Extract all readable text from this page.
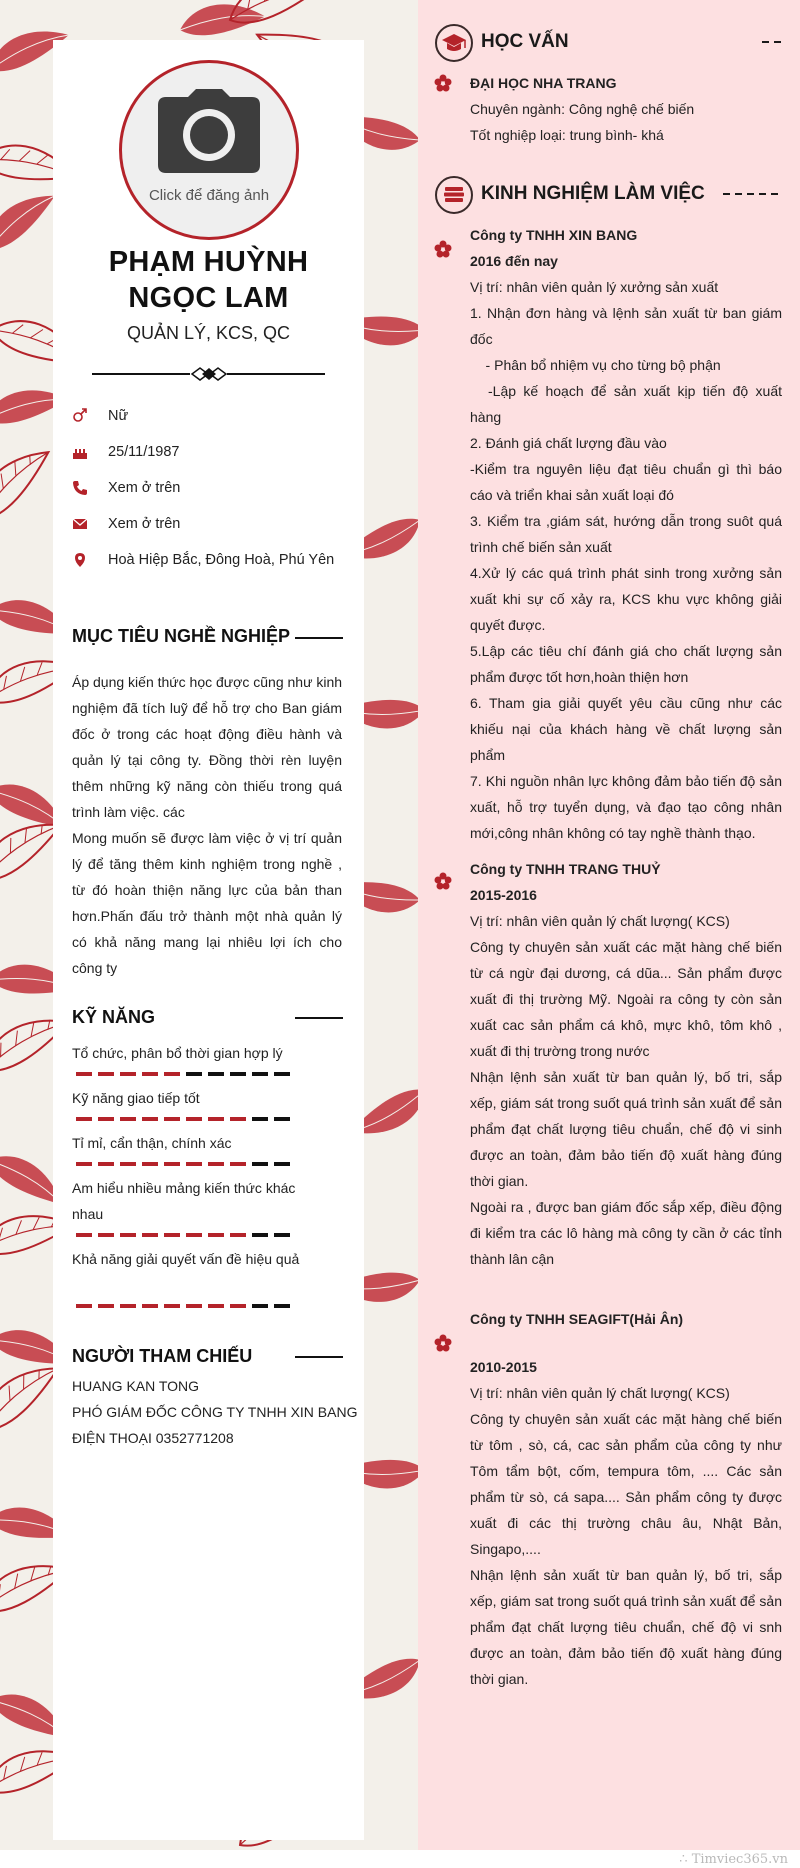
Click để đăng ảnh
PHẠM HUỲNH
NGỌC LAM
QUẢN LÝ, KCS, QC
Nữ
25/11/1987
Xem ở trên
Xem ở trên
Hoà Hiệp Bắc, Đông Hoà, Phú Yên
MỤC TIÊU NGHỀ NGHIỆP

Áp dụng kiến thức học được cũng như kinh nghiệm đã tích luỹ để hỗ trợ cho Ban giám đốc ở trong các hoạt động điều hành và quản lý tại công ty. Đồng thời rèn luyện thêm những kỹ năng còn thiếu trong quá trình làm việc. các

Mong muốn sẽ được làm việc ở vị trí quản lý để tăng thêm kinh nghiệm trong nghề , từ đó hoàn thiện năng lực của bản than hơn.Phấn đấu trở thành một nhà quản lý có khả năng mang lại nhiêu lợi ích cho công ty

KỸ NĂNG
Tổ chức, phân bổ thời gian hợp lý
Kỹ năng giao tiếp tốt
Tỉ mỉ, cẩn thận, chính xác
Am hiểu nhiều mảng kiến thức khác nhau
Khả năng giải quyết vấn đề hiệu quả
NGƯỜI THAM CHIẾU
HUANG KAN TONG
PHÓ GIÁM ĐỐC CÔNG TY TNHH XIN BANG
ĐIỆN THOẠI 0352771208
HỌC VẤN

ĐẠI HỌC NHA TRANG

Chuyên ngành: Công nghệ chế biến

Tốt nghiệp loại: trung bình- khá

KINH NGHIỆM LÀM VIỆC

Công ty TNHH XIN BANG

2016 đến nay

Vị trí: nhân viên quản lý xưởng sản xuất

1. Nhận đơn hàng và lệnh sản xuất từ ban giám đốc

- Phân bổ nhiệm vụ cho từng bộ phận

-Lập kế hoạch để sản xuất kịp tiến độ xuất hàng

2. Đánh giá chất lượng đầu vào

-Kiểm tra nguyên liệu đạt tiêu chuẩn gì thì báo cáo và triển khai sản xuất loại đó

3. Kiểm tra ,giám sát, hướng dẫn trong suôt quá trình chế biến sản xuất

4.Xử lý các quá trình phát sinh trong xưởng sản xuất khi sự cố xảy ra, KCS khu vực không giải quyết được.

5.Lập các tiêu chí đánh giá cho chất lượng sản phẩm được tốt hơn,hoàn thiện hơn

6. Tham gia giải quyết yêu cầu cũng như các khiếu nại của khách hàng về chất lượng sản phẩm

7. Khi nguồn nhân lực không đảm bảo tiến độ sản xuất, hỗ trợ tuyển dụng, và đạo tạo công nhân mới,công nhân không có tay nghề thành thạo.

Công ty TNHH TRANG THUỶ

2015-2016

Vị trí: nhân viên quản lý chất lượng( KCS)

Công ty chuyên sản xuất các mặt hàng chế biến từ cá ngừ đại dương, cá dũa... Sản phẩm được xuất đi thị trường Mỹ. Ngoài ra công ty còn sản xuất cac sản phẩm cá khô, mực khô, tôm khô , xuất đi thị trường trong nước

Nhận lệnh sản xuất từ ban quản lý, bố tri, sắp xếp, giám sát trong suốt quá trình sản xuất để sản phẩm đạt chất lượng tiêu chuẩn, chế độ vi sinh được an toàn, đảm bảo tiến độ xuất hàng đúng thời gian.

Ngoài ra , được ban giám đốc sắp xếp, điều động đi kiểm tra các lô hàng mà công ty cần ở các tỉnh thành lân cận

Công ty TNHH SEAGIFT(Hải Ân)

2010-2015

Vị trí: nhân viên quản lý chất lượng( KCS)

Công ty chuyên sản xuất các mặt hàng chế biến từ tôm , sò, cá, cac sản phẩm của công ty như Tôm tẩm bột, cốm, tempura tôm, .... Các sản phẩm từ sò, cá sapa.... Sản phẩm công ty được xuất đi các thị trường châu âu, Nhật Bản, Singapo,....

Nhận lệnh sản xuất từ ban quản lý, bố tri, sắp xếp, giám sat trong suốt quá trình sản xuất để sản phẩm đạt chất lượng tiêu chuẩn, chế độ vi snh được an toàn, đảm bảo tiến độ xuất hàng đúng thời gian.

∴ Timviec365.vn
